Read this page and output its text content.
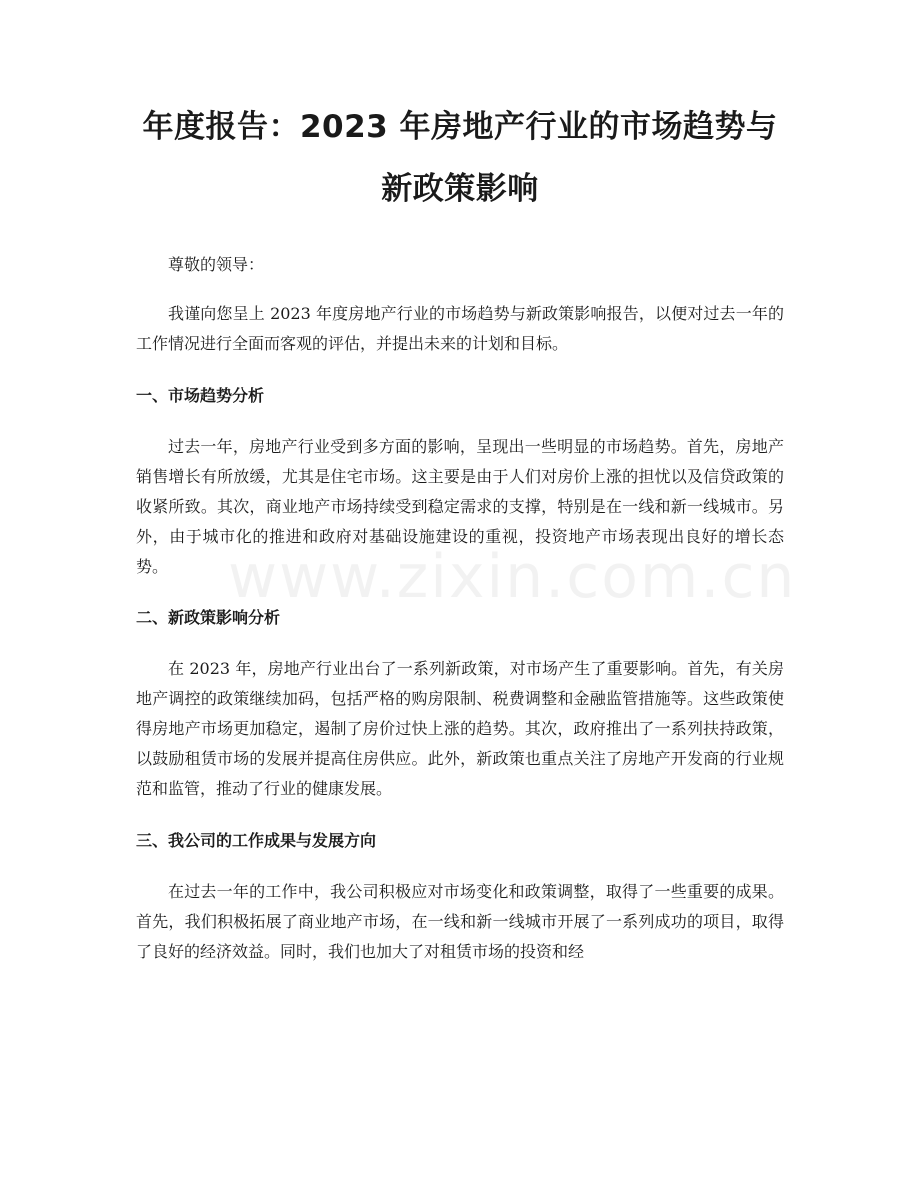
年度报告：2023 年房地产行业的市场趋势与
新政策影响

尊敬的领导：

我谨向您呈上 2023 年度房地产行业的市场趋势与新政策影响报告，以便对过去一年的工作情况进行全面而客观的评估，并提出未来的计划和目标。

一、市场趋势分析

过去一年，房地产行业受到多方面的影响，呈现出一些明显的市场趋势。首先，房地产销售增长有所放缓，尤其是住宅市场。这主要是由于人们对房价上涨的担忧以及信贷政策的收紧所致。其次，商业地产市场持续受到稳定需求的支撑，特别是在一线和新一线城市。另外，由于城市化的推进和政府对基础设施建设的重视，投资地产市场表现出良好的增长态势。

二、新政策影响分析

在 2023 年，房地产行业出台了一系列新政策，对市场产生了重要影响。首先，有关房地产调控的政策继续加码，包括严格的购房限制、税费调整和金融监管措施等。这些政策使得房地产市场更加稳定，遏制了房价过快上涨的趋势。其次，政府推出了一系列扶持政策，以鼓励租赁市场的发展并提高住房供应。此外，新政策也重点关注了房地产开发商的行业规范和监管，推动了行业的健康发展。

三、我公司的工作成果与发展方向

在过去一年的工作中，我公司积极应对市场变化和政策调整，取得了一些重要的成果。首先，我们积极拓展了商业地产市场，在一线和新一线城市开展了一系列成功的项目，取得了良好的经济效益。同时，我们也加大了对租赁市场的投资和经

www.zixin.com.cn
